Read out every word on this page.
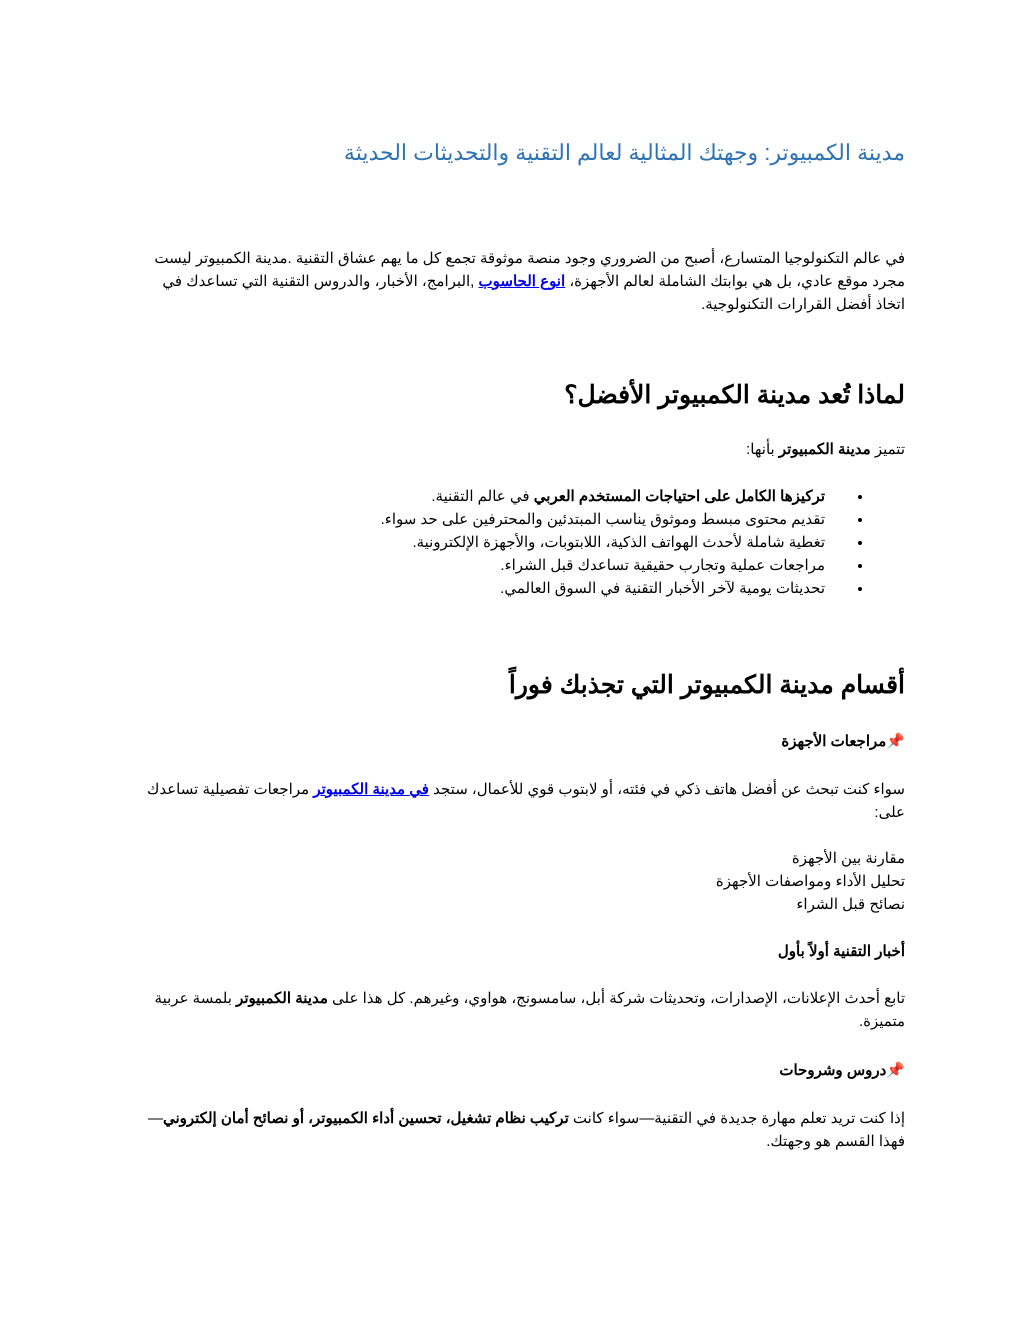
مدينة الكمبيوتر: وجهتك المثالية لعالم التقنية والتحديثات الحديثة

في عالم التكنولوجيا المتسارع، أصبح من الضروري وجود منصة موثوقة تجمع كل ما يهم عشاق التقنية .مدينة الكمبيوتر ليست مجرد موقع عادي، بل هي بوابتك الشاملة لعالم الأجهزة، انوع الحاسوب ,البرامج، الأخبار، والدروس التقنية التي تساعدك في اتخاذ أفضل القرارات التكنولوجية.

لماذا تُعد مدينة الكمبيوتر الأفضل؟

تتميز مدينة الكمبيوتر بأنها:

• تركيزها الكامل على احتياجات المستخدم العربي في عالم التقنية.
• تقديم محتوى مبسط وموثوق يناسب المبتدئين والمحترفين على حد سواء.
• تغطية شاملة لأحدث الهواتف الذكية، اللابتوبات، والأجهزة الإلكترونية.
• مراجعات عملية وتجارب حقيقية تساعدك قبل الشراء.
• تحديثات يومية لآخر الأخبار التقنية في السوق العالمي.
أقسام مدينة الكمبيوتر التي تجذبك فوراً
📌مراجعات الأجهزة

سواء كنت تبحث عن أفضل هاتف ذكي في فئته، أو لابتوب قوي للأعمال، ستجد في مدينة الكمبيوتر مراجعات تفصيلية تساعدك على:

مقارنة بين الأجهزة
تحليل الأداء ومواصفات الأجهزة
نصائح قبل الشراء

أخبار التقنية أولاً بأول

تابع أحدث الإعلانات، الإصدارات، وتحديثات شركة أبل، سامسونج، هواوي، وغيرهم. كل هذا على مدينة الكمبيوتر بلمسة عربية متميزة.

📌دروس وشروحات

إذا كنت تريد تعلم مهارة جديدة في التقنية—سواء كانت تركيب نظام تشغيل، تحسين أداء الكمبيوتر، أو نصائح أمان إلكتروني—فهذا القسم هو وجهتك.
